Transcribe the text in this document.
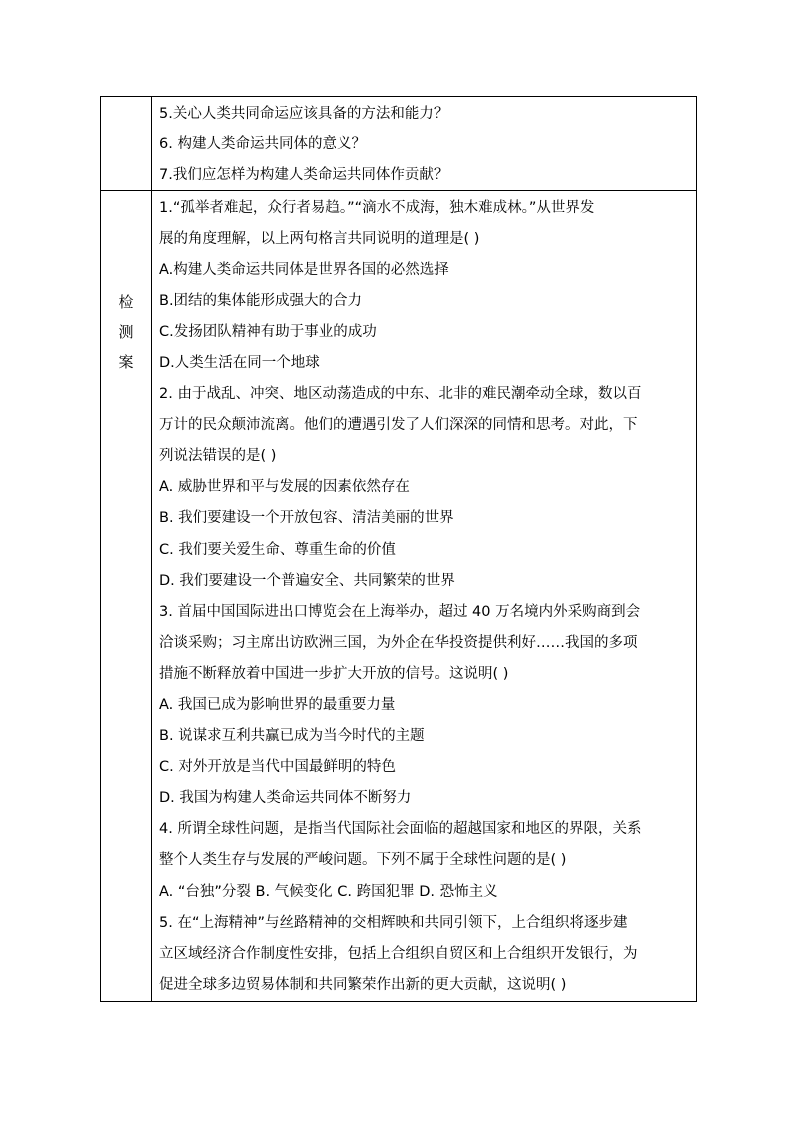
检
测
案
5.关心人类共同命运应该具备的方法和能力？
6. 构建人类命运共同体的意义？
7.我们应怎样为构建人类命运共同体作贡献？
1.“孤举者难起，众行者易趋。”“滴水不成海，独木难成林。”从世界发
展的角度理解，以上两句格言共同说明的道理是( )
A.构建人类命运共同体是世界各国的必然选择
B.团结的集体能形成强大的合力
C.发扬团队精神有助于事业的成功
D.人类生活在同一个地球
2. 由于战乱、冲突、地区动荡造成的中东、北非的难民潮牵动全球，数以百
万计的民众颠沛流离。他们的遭遇引发了人们深深的同情和思考。对此，下
列说法错误的是( )
A. 威胁世界和平与发展的因素依然存在
B. 我们要建设一个开放包容、清洁美丽的世界
C. 我们要关爱生命、尊重生命的价值
D. 我们要建设一个普遍安全、共同繁荣的世界
3. 首届中国国际进出口博览会在上海举办，超过 40 万名境内外采购商到会
洽谈采购；习主席出访欧洲三国，为外企在华投资提供利好……我国的多项
措施不断释放着中国进一步扩大开放的信号。这说明( )
A. 我国已成为影响世界的最重要力量
B. 说谋求互利共赢已成为当今时代的主题
C. 对外开放是当代中国最鲜明的特色
D. 我国为构建人类命运共同体不断努力
4. 所谓全球性问题，是指当代国际社会面临的超越国家和地区的界限，关系
整个人类生存与发展的严峻问题。下列不属于全球性问题的是( )
A. “台独”分裂 B. 气候变化 C. 跨国犯罪 D. 恐怖主义
5. 在“上海精神”与丝路精神的交相辉映和共同引领下，上合组织将逐步建
立区域经济合作制度性安排，包括上合组织自贸区和上合组织开发银行，为
促进全球多边贸易体制和共同繁荣作出新的更大贡献，这说明( )
